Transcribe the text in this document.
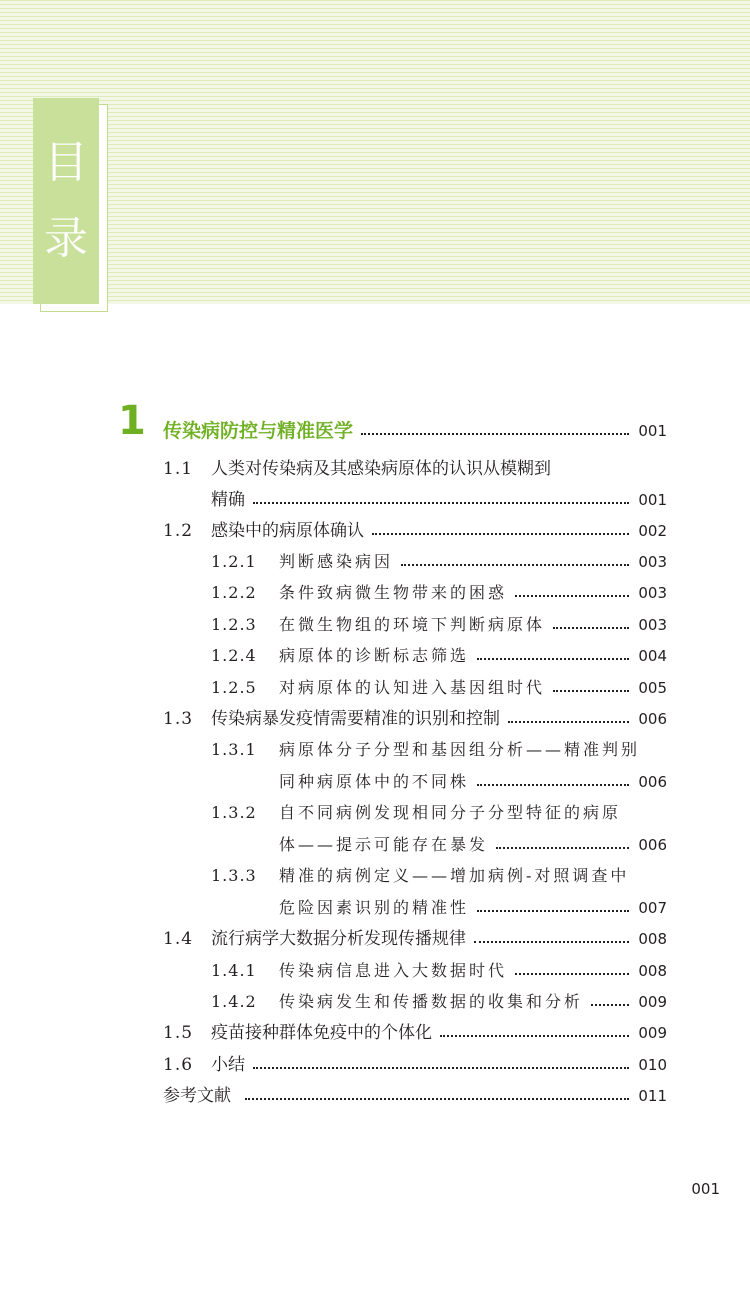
目
录
1 传染病防控与精准医学	001
1.1	人类对传染病及其感染病原体的认识从模糊到
精确	001
1.2	感染中的病原体确认	002
1.2.1	判断感染病因	003
1.2.2	条件致病微生物带来的困惑	003
1.2.3	在微生物组的环境下判断病原体	003
1.2.4	病原体的诊断标志筛选	004
1.2.5	对病原体的认知进入基因组时代	005
1.3	传染病暴发疫情需要精准的识别和控制	006
1.3.1	病原体分子分型和基因组分析——精准判别
同种病原体中的不同株	006
1.3.2	自不同病例发现相同分子分型特征的病原
体——提示可能存在暴发	006
1.3.3	精准的病例定义——增加病例-对照调查中
危险因素识别的精准性	007
1.4	流行病学大数据分析发现传播规律	008
1.4.1	传染病信息进入大数据时代	008
1.4.2	传染病发生和传播数据的收集和分析	009
1.5	疫苗接种群体免疫中的个体化	009
1.6	小结	010
参考文献	011
001
